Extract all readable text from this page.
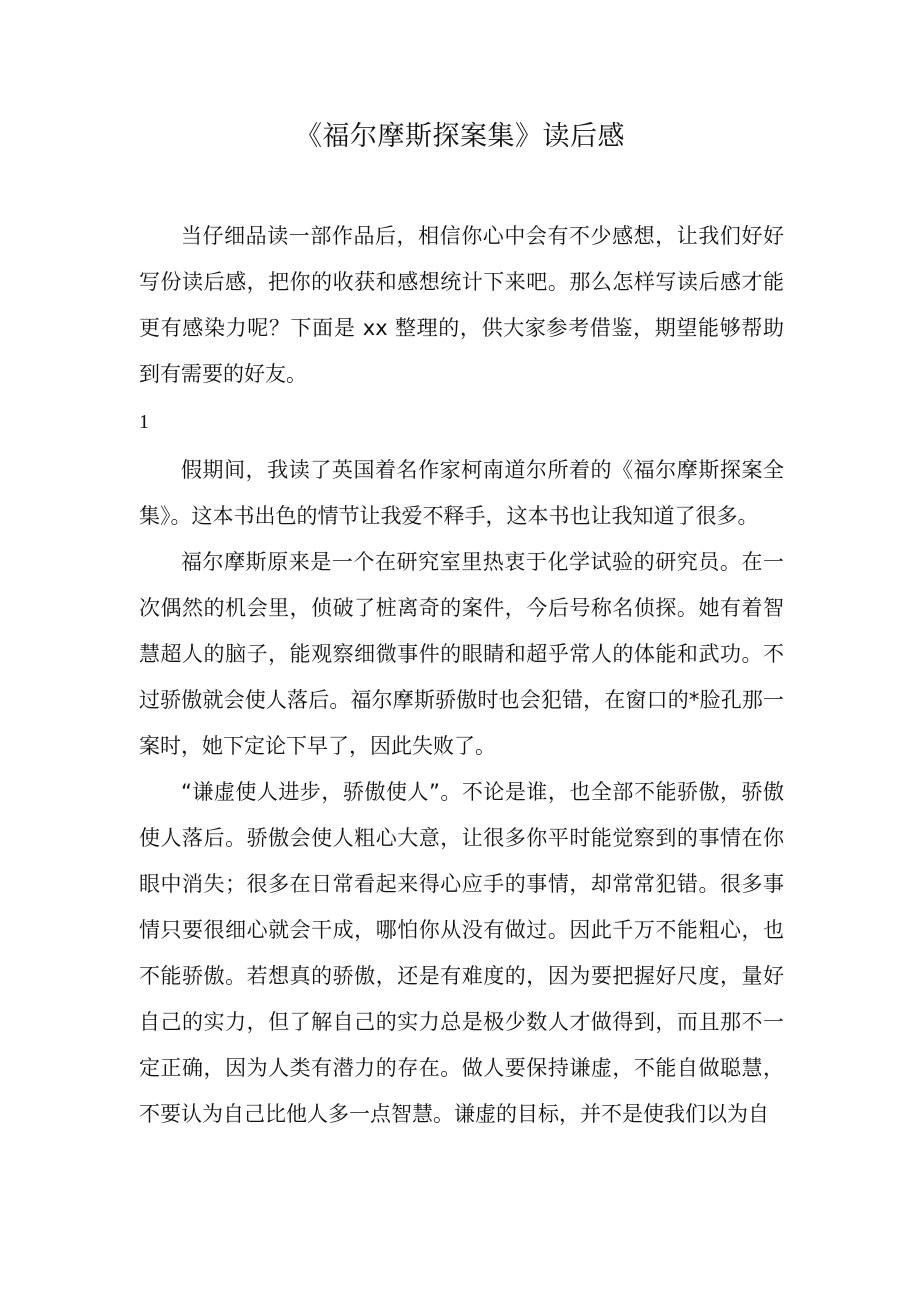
《福尔摩斯探案集》读后感

当仔细品读一部作品后，相信你心中会有不少感想，让我们好好写份读后感，把你的收获和感想统计下来吧。那么怎样写读后感才能更有感染力呢？下面是 xx 整理的，供大家参考借鉴，期望能够帮助到有需要的好友。

1

假期间，我读了英国着名作家柯南道尔所着的《福尔摩斯探案全集》。这本书出色的情节让我爱不释手，这本书也让我知道了很多。

福尔摩斯原来是一个在研究室里热衷于化学试验的研究员。在一次偶然的机会里，侦破了桩离奇的案件，今后号称名侦探。她有着智慧超人的脑子，能观察细微事件的眼睛和超乎常人的体能和武功。不过骄傲就会使人落后。福尔摩斯骄傲时也会犯错，在窗口的*脸孔那一案时，她下定论下早了，因此失败了。

“谦虚使人进步，骄傲使人”。不论是谁，也全部不能骄傲，骄傲使人落后。骄傲会使人粗心大意，让很多你平时能觉察到的事情在你眼中消失；很多在日常看起来得心应手的事情，却常常犯错。很多事情只要很细心就会干成，哪怕你从没有做过。因此千万不能粗心，也不能骄傲。若想真的骄傲，还是有难度的，因为要把握好尺度，量好自己的实力，但了解自己的实力总是极少数人才做得到，而且那不一定正确，因为人类有潜力的存在。做人要保持谦虚，不能自做聪慧，不要认为自己比他人多一点智慧。谦虚的目标，并不是使我们以为自
